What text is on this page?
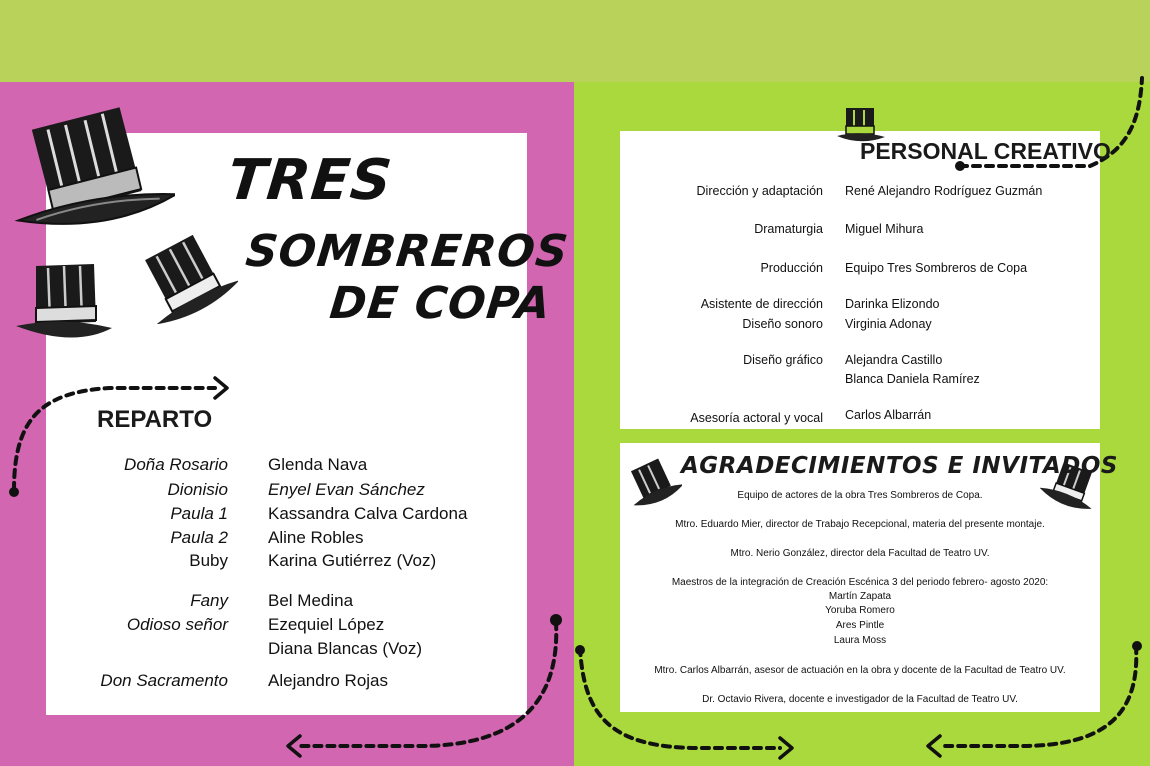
TRES
SOMBREROS
DE COPA
REPARTO
Doña Rosario Glenda Nava
Dionisio Enyel Evan Sánchez
Paula 1 Kassandra Calva Cardona
Paula 2 Aline Robles
Buby Karina Gutiérrez (Voz)
Fany Bel Medina
Odioso señor Ezequiel López
Diana Blancas (Voz)
Don Sacramento Alejandro Rojas
PERSONAL CREATIVO
Dirección y adaptación
Dramaturgia
Producción
Asistente de dirección
Diseño sonoro
Diseño gráfico
Asesoría actoral y vocal
René Alejandro Rodríguez Guzmán
Miguel Mihura
Equipo Tres Sombreros de Copa
Darinka Elizondo
Virginia Adonay
Alejandra Castillo
Blanca Daniela Ramírez
Carlos Albarrán
AGRADECIMIENTOS E INVITADOS
Equipo de actores de la obra Tres Sombreros de Copa.
Mtro. Eduardo Mier, director de Trabajo Recepcional, materia del presente montaje.
Mtro. Nerio González, director dela Facultad de Teatro UV.
Maestros de la integración de Creación Escénica 3 del periodo febrero- agosto 2020:
Martín Zapata
Yoruba Romero
Ares Pintle
Laura Moss
Mtro. Carlos Albarrán, asesor de actuación en la obra y docente de la Facultad de Teatro UV.
Dr. Octavio Rivera, docente e investigador de la Facultad de Teatro UV.
